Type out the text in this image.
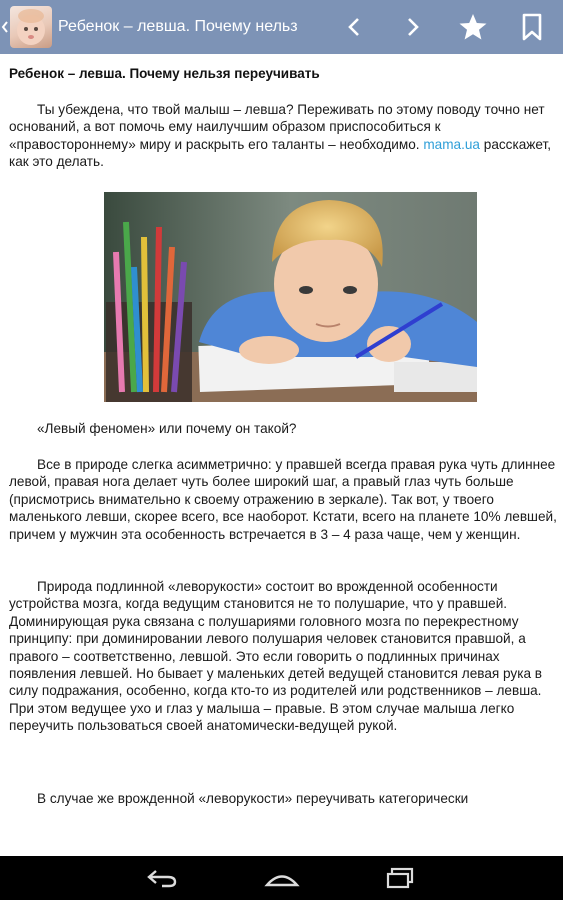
Ребенок – левша. Почему нельз
Ребенок – левша. Почему нельзя переучивать

Ты убеждена, что твой малыш – левша? Переживать по этому поводу точно нет оснований, а вот помочь ему наилучшим образом приспособиться к «правостороннему» миру и раскрыть его таланты – необходимо. mama.ua расскажет, как это делать.

«Левый феномен» или почему он такой?

Все в природе слегка асимметрично: у правшей всегда правая рука чуть длиннее левой, правая нога делает чуть более широкий шаг, а правый глаз чуть больше (присмотрись внимательно к своему отражению в зеркале). Так вот, у твоего маленького левши, скорее всего, все наоборот. Кстати, всего на планете 10% левшей, причем у мужчин эта особенность встречается в 3 – 4 раза чаще, чем у женщин.

Природа подлинной «леворукости» состоит во врожденной особенности устройства мозга, когда ведущим становится не то полушарие, что у правшей. Доминирующая рука связана с полушариями головного мозга по перекрестному принципу: при доминировании левого полушария человек становится правшой, а правого – соответственно, левшой. Это если говорить о подлинных причинах появления левшей. Но бывает у маленьких детей ведущей становится левая рука в силу подражания, особенно, когда кто-то из родителей или родственников – левша. При этом ведущее ухо и глаз у малыша – правые. В этом случае малыша легко переучить пользоваться своей анатомически-ведущей рукой.

В случае же врожденной «леворукости» переучивать категорически
